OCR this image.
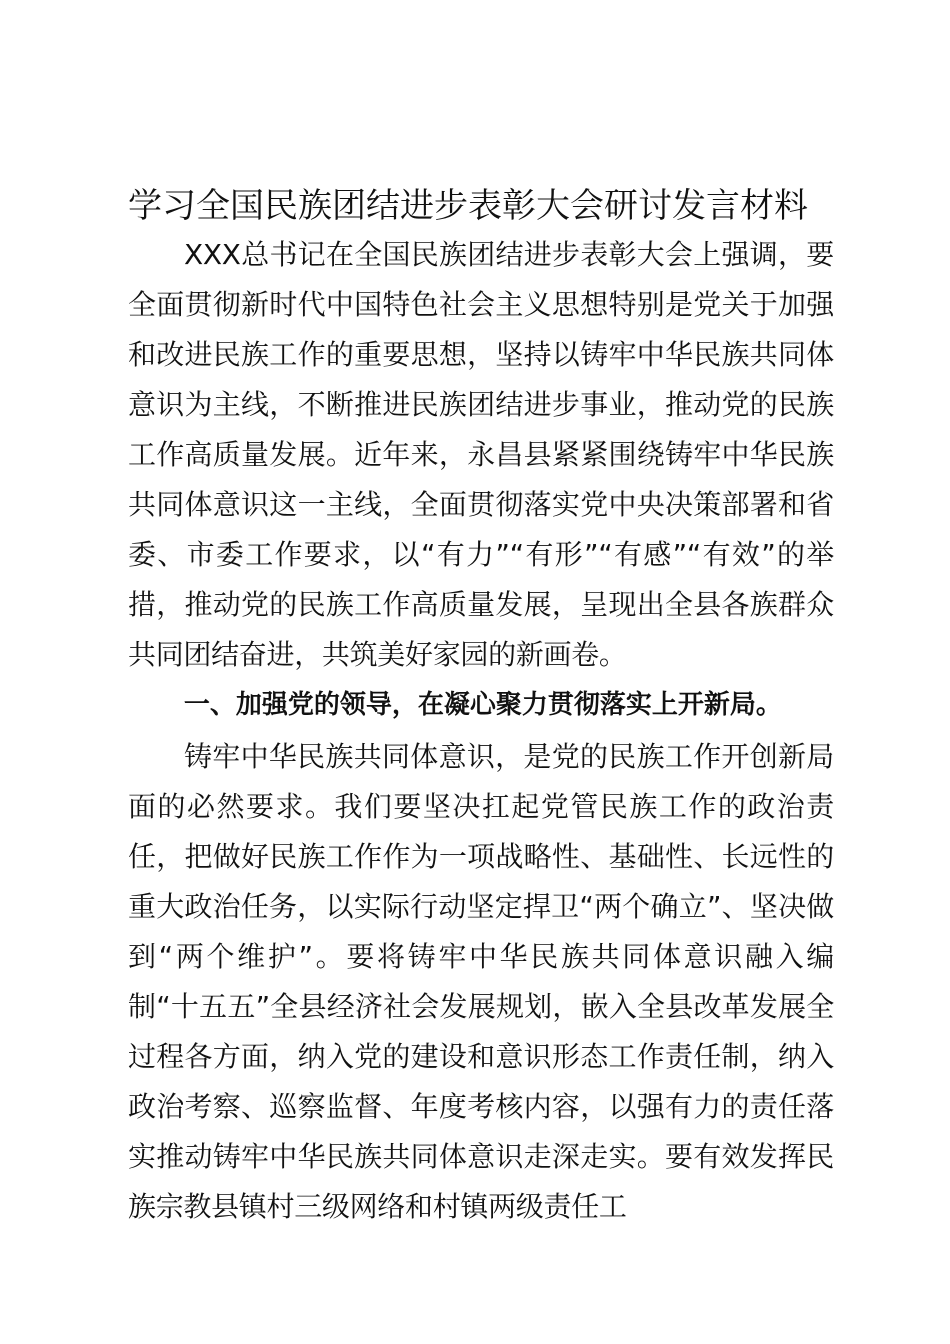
学习全国民族团结进步表彰大会研讨发言材料

XXX总书记在全国民族团结进步表彰大会上强调，要全面贯彻新时代中国特色社会主义思想特别是党关于加强和改进民族工作的重要思想，坚持以铸牢中华民族共同体意识为主线，不断推进民族团结进步事业，推动党的民族工作高质量发展。近年来，永昌县紧紧围绕铸牢中华民族共同体意识这一主线，全面贯彻落实党中央决策部署和省委、市委工作要求，以“有力”“有形”“有感”“有效”的举措，推动党的民族工作高质量发展，呈现出全县各族群众共同团结奋进，共筑美好家园的新画卷。

一、加强党的领导，在凝心聚力贯彻落实上开新局。

铸牢中华民族共同体意识，是党的民族工作开创新局面的必然要求。我们要坚决扛起党管民族工作的政治责任，把做好民族工作作为一项战略性、基础性、长远性的重大政治任务，以实际行动坚定捍卫“两个确立”、坚决做到“两个维护”。要将铸牢中华民族共同体意识融入编制“十五五”全县经济社会发展规划，嵌入全县改革发展全过程各方面，纳入党的建设和意识形态工作责任制，纳入政治考察、巡察监督、年度考核内容，以强有力的责任落实推动铸牢中华民族共同体意识走深走实。要有效发挥民族宗教县镇村三级网络和村镇两级责任工
